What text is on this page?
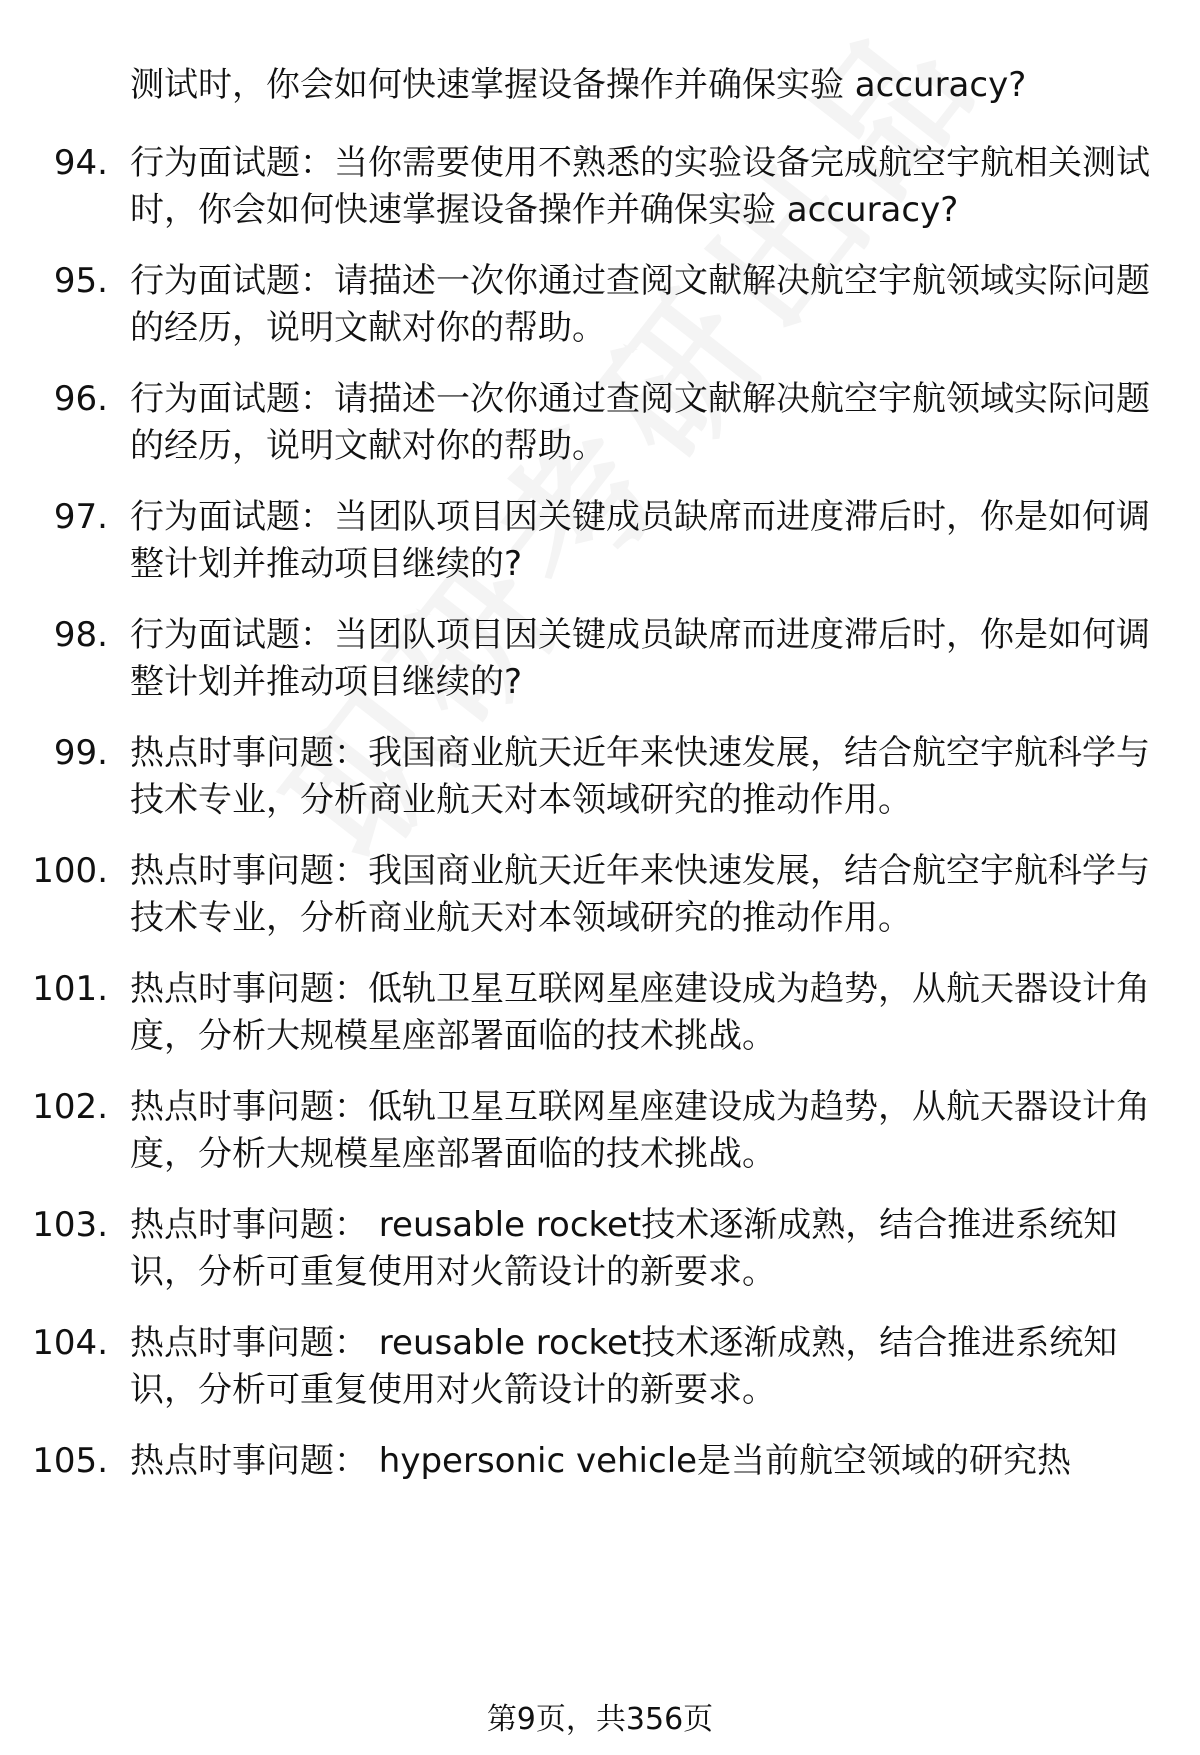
测试时，你会如何快速掌握设备操作并确保实验 accuracy?
94. 行为面试题：当你需要使用不熟悉的实验设备完成航空宇航相关测试时，你会如何快速掌握设备操作并确保实验 accuracy?
95. 行为面试题：请描述一次你通过查阅文献解决航空宇航领域实际问题的经历，说明文献对你的帮助。
96. 行为面试题：请描述一次你通过查阅文献解决航空宇航领域实际问题的经历，说明文献对你的帮助。
97. 行为面试题：当团队项目因关键成员缺席而进度滞后时，你是如何调整计划并推动项目继续的?
98. 行为面试题：当团队项目因关键成员缺席而进度滞后时，你是如何调整计划并推动项目继续的?
99. 热点时事问题：我国商业航天近年来快速发展，结合航空宇航科学与技术专业，分析商业航天对本领域研究的推动作用。
100. 热点时事问题：我国商业航天近年来快速发展，结合航空宇航科学与技术专业，分析商业航天对本领域研究的推动作用。
101. 热点时事问题：低轨卫星互联网星座建设成为趋势，从航天器设计角度，分析大规模星座部署面临的技术挑战。
102. 热点时事问题：低轨卫星互联网星座建设成为趋势，从航天器设计角度，分析大规模星座部署面临的技术挑战。
103. 热点时事问题： reusable rocket技术逐渐成熟，结合推进系统知识，分析可重复使用对火箭设计的新要求。
104. 热点时事问题： reusable rocket技术逐渐成熟，结合推进系统知识，分析可重复使用对火箭设计的新要求。
105. 热点时事问题： hypersonic vehicle是当前航空领域的研究热
第9页，共356页
